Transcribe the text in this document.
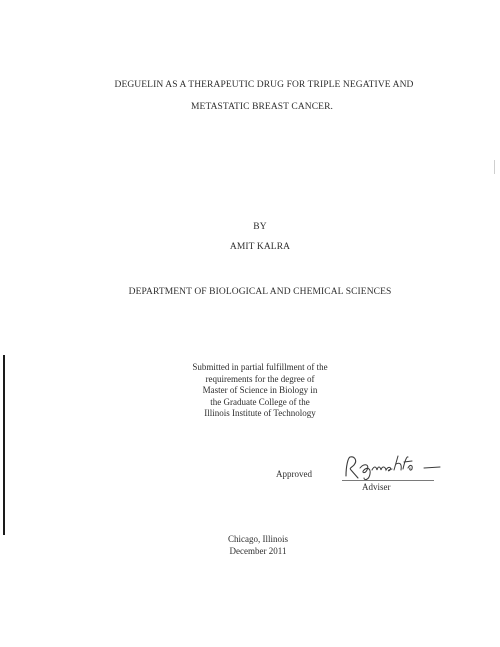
DEGUELIN AS A THERAPEUTIC DRUG FOR TRIPLE NEGATIVE AND
METASTATIC BREAST CANCER.
BY
AMIT KALRA
DEPARTMENT OF BIOLOGICAL AND CHEMICAL SCIENCES
Submitted in partial fulfillment of the
requirements for the degree of
Master of Science in Biology in
the Graduate College of the
Illinois Institute of Technology
Approved
Adviser
Chicago, Illinois
December 2011
